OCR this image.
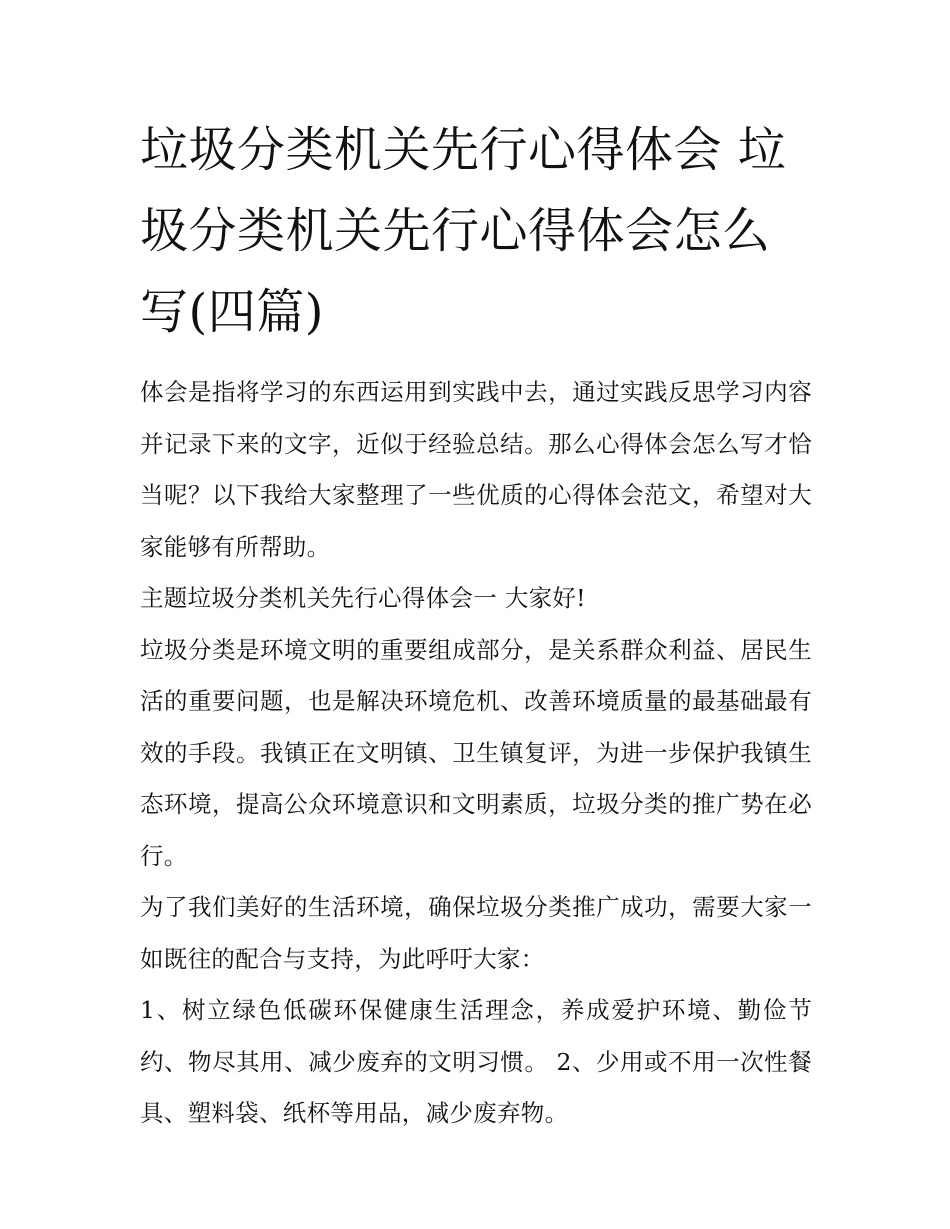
垃圾分类机关先行心得体会 垃圾分类机关先行心得体会怎么写(四篇)

体会是指将学习的东西运用到实践中去，通过实践反思学习内容并记录下来的文字，近似于经验总结。那么心得体会怎么写才恰当呢？以下我给大家整理了一些优质的心得体会范文，希望对大家能够有所帮助。

主题垃圾分类机关先行心得体会一 大家好!

垃圾分类是环境文明的重要组成部分，是关系群众利益、居民生活的重要问题，也是解决环境危机、改善环境质量的最基础最有效的手段。我镇正在文明镇、卫生镇复评，为进一步保护我镇生态环境，提高公众环境意识和文明素质，垃圾分类的推广势在必行。

为了我们美好的生活环境，确保垃圾分类推广成功，需要大家一如既往的配合与支持，为此呼吁大家：

1、树立绿色低碳环保健康生活理念，养成爱护环境、勤俭节约、物尽其用、减少废弃的文明习惯。 2、少用或不用一次性餐具、塑料袋、纸杯等用品，减少废弃物。
